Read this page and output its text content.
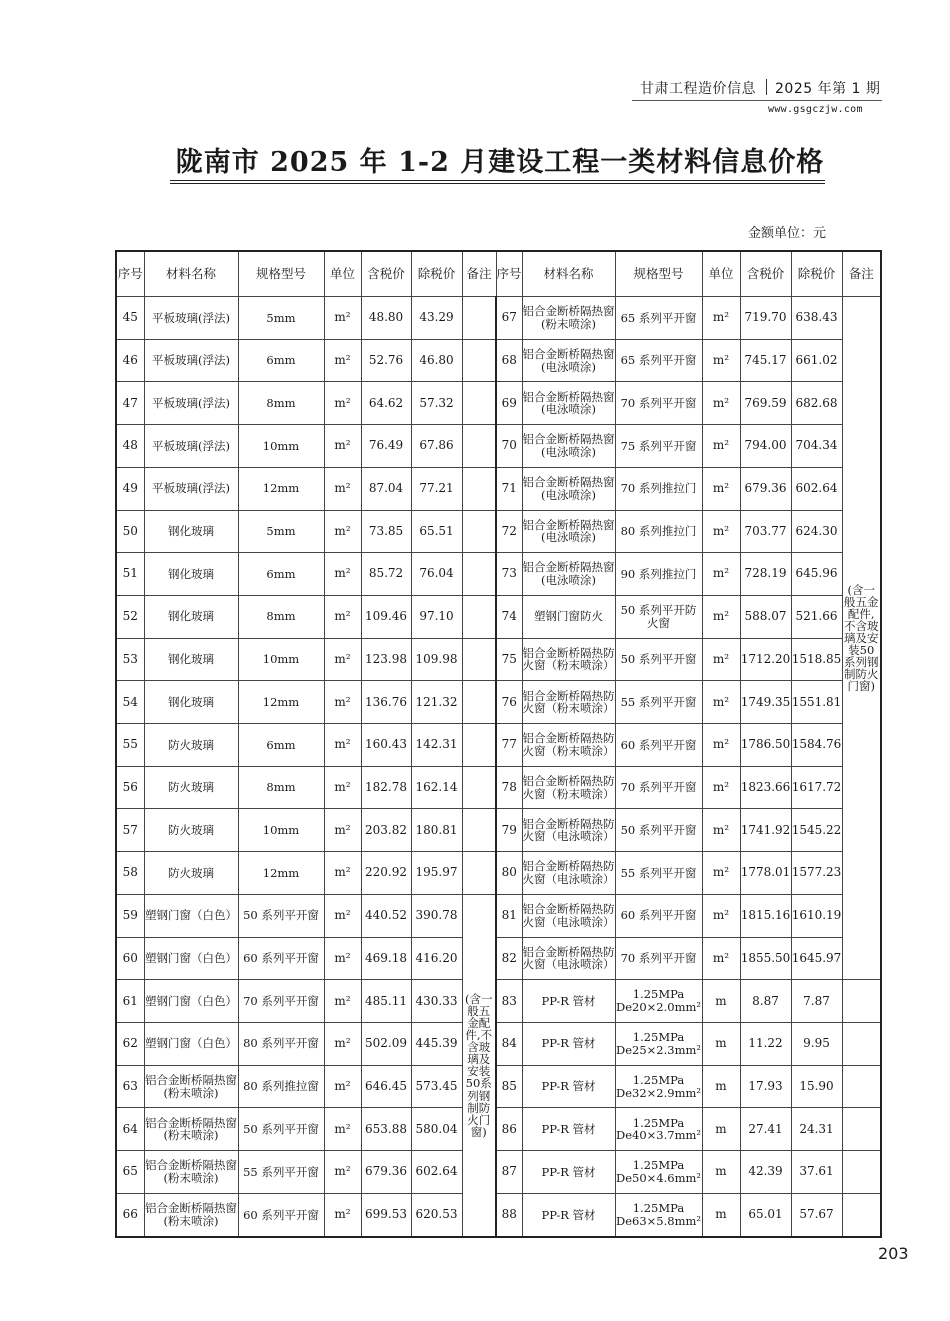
甘肃工程造价信息 2025 年第 1 期
www.gsgczjw.com
陇南市 2025 年 1-2 月建设工程一类材料信息价格
金额单位：元
序号	材料名称	规格型号	单位	含税价	除税价	备注	序号	材料名称	规格型号	单位	含税价	除税价	备注
45	平板玻璃(浮法)	5mm	m²	48.80	43.29		67	铝合金断桥隔热窗(粉末喷涂)	65 系列平开窗	m²	719.70	638.43	(含一般五金配件,不含玻璃及安装50系列钢制防火门窗)
46	平板玻璃(浮法)	6mm	m²	52.76	46.80		68	铝合金断桥隔热窗(电泳喷涂)	65 系列平开窗	m²	745.17	661.02	
47	平板玻璃(浮法)	8mm	m²	64.62	57.32		69	铝合金断桥隔热窗(电泳喷涂)	70 系列平开窗	m²	769.59	682.68	
48	平板玻璃(浮法)	10mm	m²	76.49	67.86		70	铝合金断桥隔热窗(电泳喷涂)	75 系列平开窗	m²	794.00	704.34	
49	平板玻璃(浮法)	12mm	m²	87.04	77.21		71	铝合金断桥隔热窗(电泳喷涂)	70 系列推拉门	m²	679.36	602.64	
50	钢化玻璃	5mm	m²	73.85	65.51		72	铝合金断桥隔热窗(电泳喷涂)	80 系列推拉门	m²	703.77	624.30	
51	钢化玻璃	6mm	m²	85.72	76.04		73	铝合金断桥隔热窗(电泳喷涂)	90 系列推拉门	m²	728.19	645.96	
52	钢化玻璃	8mm	m²	109.46	97.10		74	塑钢门窗防火	50 系列平开防火窗	m²	588.07	521.66	
53	钢化玻璃	10mm	m²	123.98	109.98		75	铝合金断桥隔热防火窗（粉末喷涂）	50 系列平开窗	m²	1712.20	1518.85	
54	钢化玻璃	12mm	m²	136.76	121.32		76	铝合金断桥隔热防火窗（粉末喷涂）	55 系列平开窗	m²	1749.35	1551.81	
55	防火玻璃	6mm	m²	160.43	142.31		77	铝合金断桥隔热防火窗（粉末喷涂）	60 系列平开窗	m²	1786.50	1584.76	
56	防火玻璃	8mm	m²	182.78	162.14		78	铝合金断桥隔热防火窗（粉末喷涂）	70 系列平开窗	m²	1823.66	1617.72	
57	防火玻璃	10mm	m²	203.82	180.81		79	铝合金断桥隔热防火窗（电泳喷涂）	50 系列平开窗	m²	1741.92	1545.22	
58	防火玻璃	12mm	m²	220.92	195.97		80	铝合金断桥隔热防火窗（电泳喷涂）	55 系列平开窗	m²	1778.01	1577.23	
59	塑钢门窗（白色）	50 系列平开窗	m²	440.52	390.78	(含一般五金配件,不含玻璃及安装50系列钢制防火门窗)	81	铝合金断桥隔热防火窗（电泳喷涂）	60 系列平开窗	m²	1815.16	1610.19	
60	塑钢门窗（白色）	60 系列平开窗	m²	469.18	416.20		82	铝合金断桥隔热防火窗（电泳喷涂）	70 系列平开窗	m²	1855.50	1645.97	
61	塑钢门窗（白色）	70 系列平开窗	m²	485.11	430.33		83	PP-R 管材	1.25MPa De20×2.0mm²	m	8.87	7.87	
62	塑钢门窗（白色）	80 系列平开窗	m²	502.09	445.39		84	PP-R 管材	1.25MPa De25×2.3mm²	m	11.22	9.95	
63	铝合金断桥隔热窗(粉末喷涂)	80 系列推拉窗	m²	646.45	573.45		85	PP-R 管材	1.25MPa De32×2.9mm²	m	17.93	15.90	
64	铝合金断桥隔热窗(粉末喷涂)	50 系列平开窗	m²	653.88	580.04		86	PP-R 管材	1.25MPa De40×3.7mm²	m	27.41	24.31	
65	铝合金断桥隔热窗(粉末喷涂)	55 系列平开窗	m²	679.36	602.64		87	PP-R 管材	1.25MPa De50×4.6mm²	m	42.39	37.61	
66	铝合金断桥隔热窗(粉末喷涂)	60 系列平开窗	m²	699.53	620.53		88	PP-R 管材	1.25MPa De63×5.8mm²	m	65.01	57.67	
203
